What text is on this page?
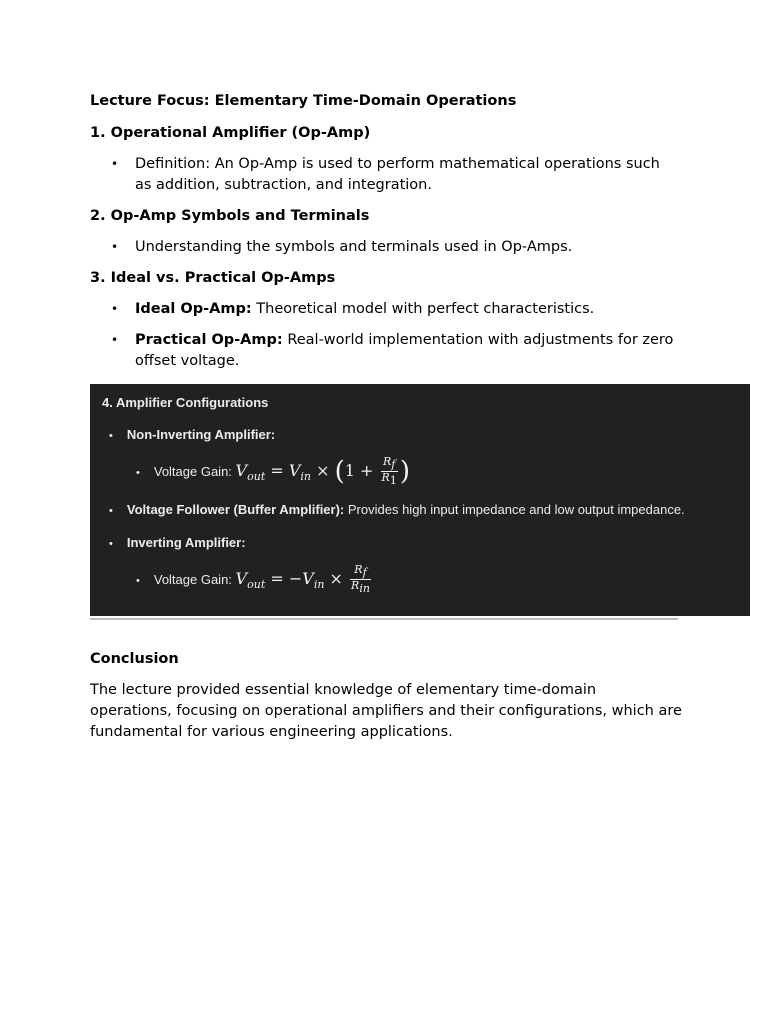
Lecture Focus: Elementary Time-Domain Operations
1. Operational Amplifier (Op-Amp)
• Definition: An Op-Amp is used to perform mathematical operations such as addition, subtraction, and integration.
2. Op-Amp Symbols and Terminals
• Understanding the symbols and terminals used in Op-Amps.
3. Ideal vs. Practical Op-Amps
• Ideal Op-Amp: Theoretical model with perfect characteristics.
• Practical Op-Amp: Real-world implementation with adjustments for zero offset voltage.
4. Amplifier Configurations
• Non-Inverting Amplifier:
• Voltage Gain: $V_{out} = V_{in} \times (1 + \frac{R_f}{R_1}$ )
• Voltage Follower (Buffer Amplifier): Provides high input impedance and low output impedance.
• Inverting Amplifier:
• Voltage Gain: $V_{out} = -V_{in} \times \frac{R_f}{R_{in}}$
Conclusion

The lecture provided essential knowledge of elementary time-domain operations, focusing on operational amplifiers and their configurations, which are fundamental for various engineering applications.
